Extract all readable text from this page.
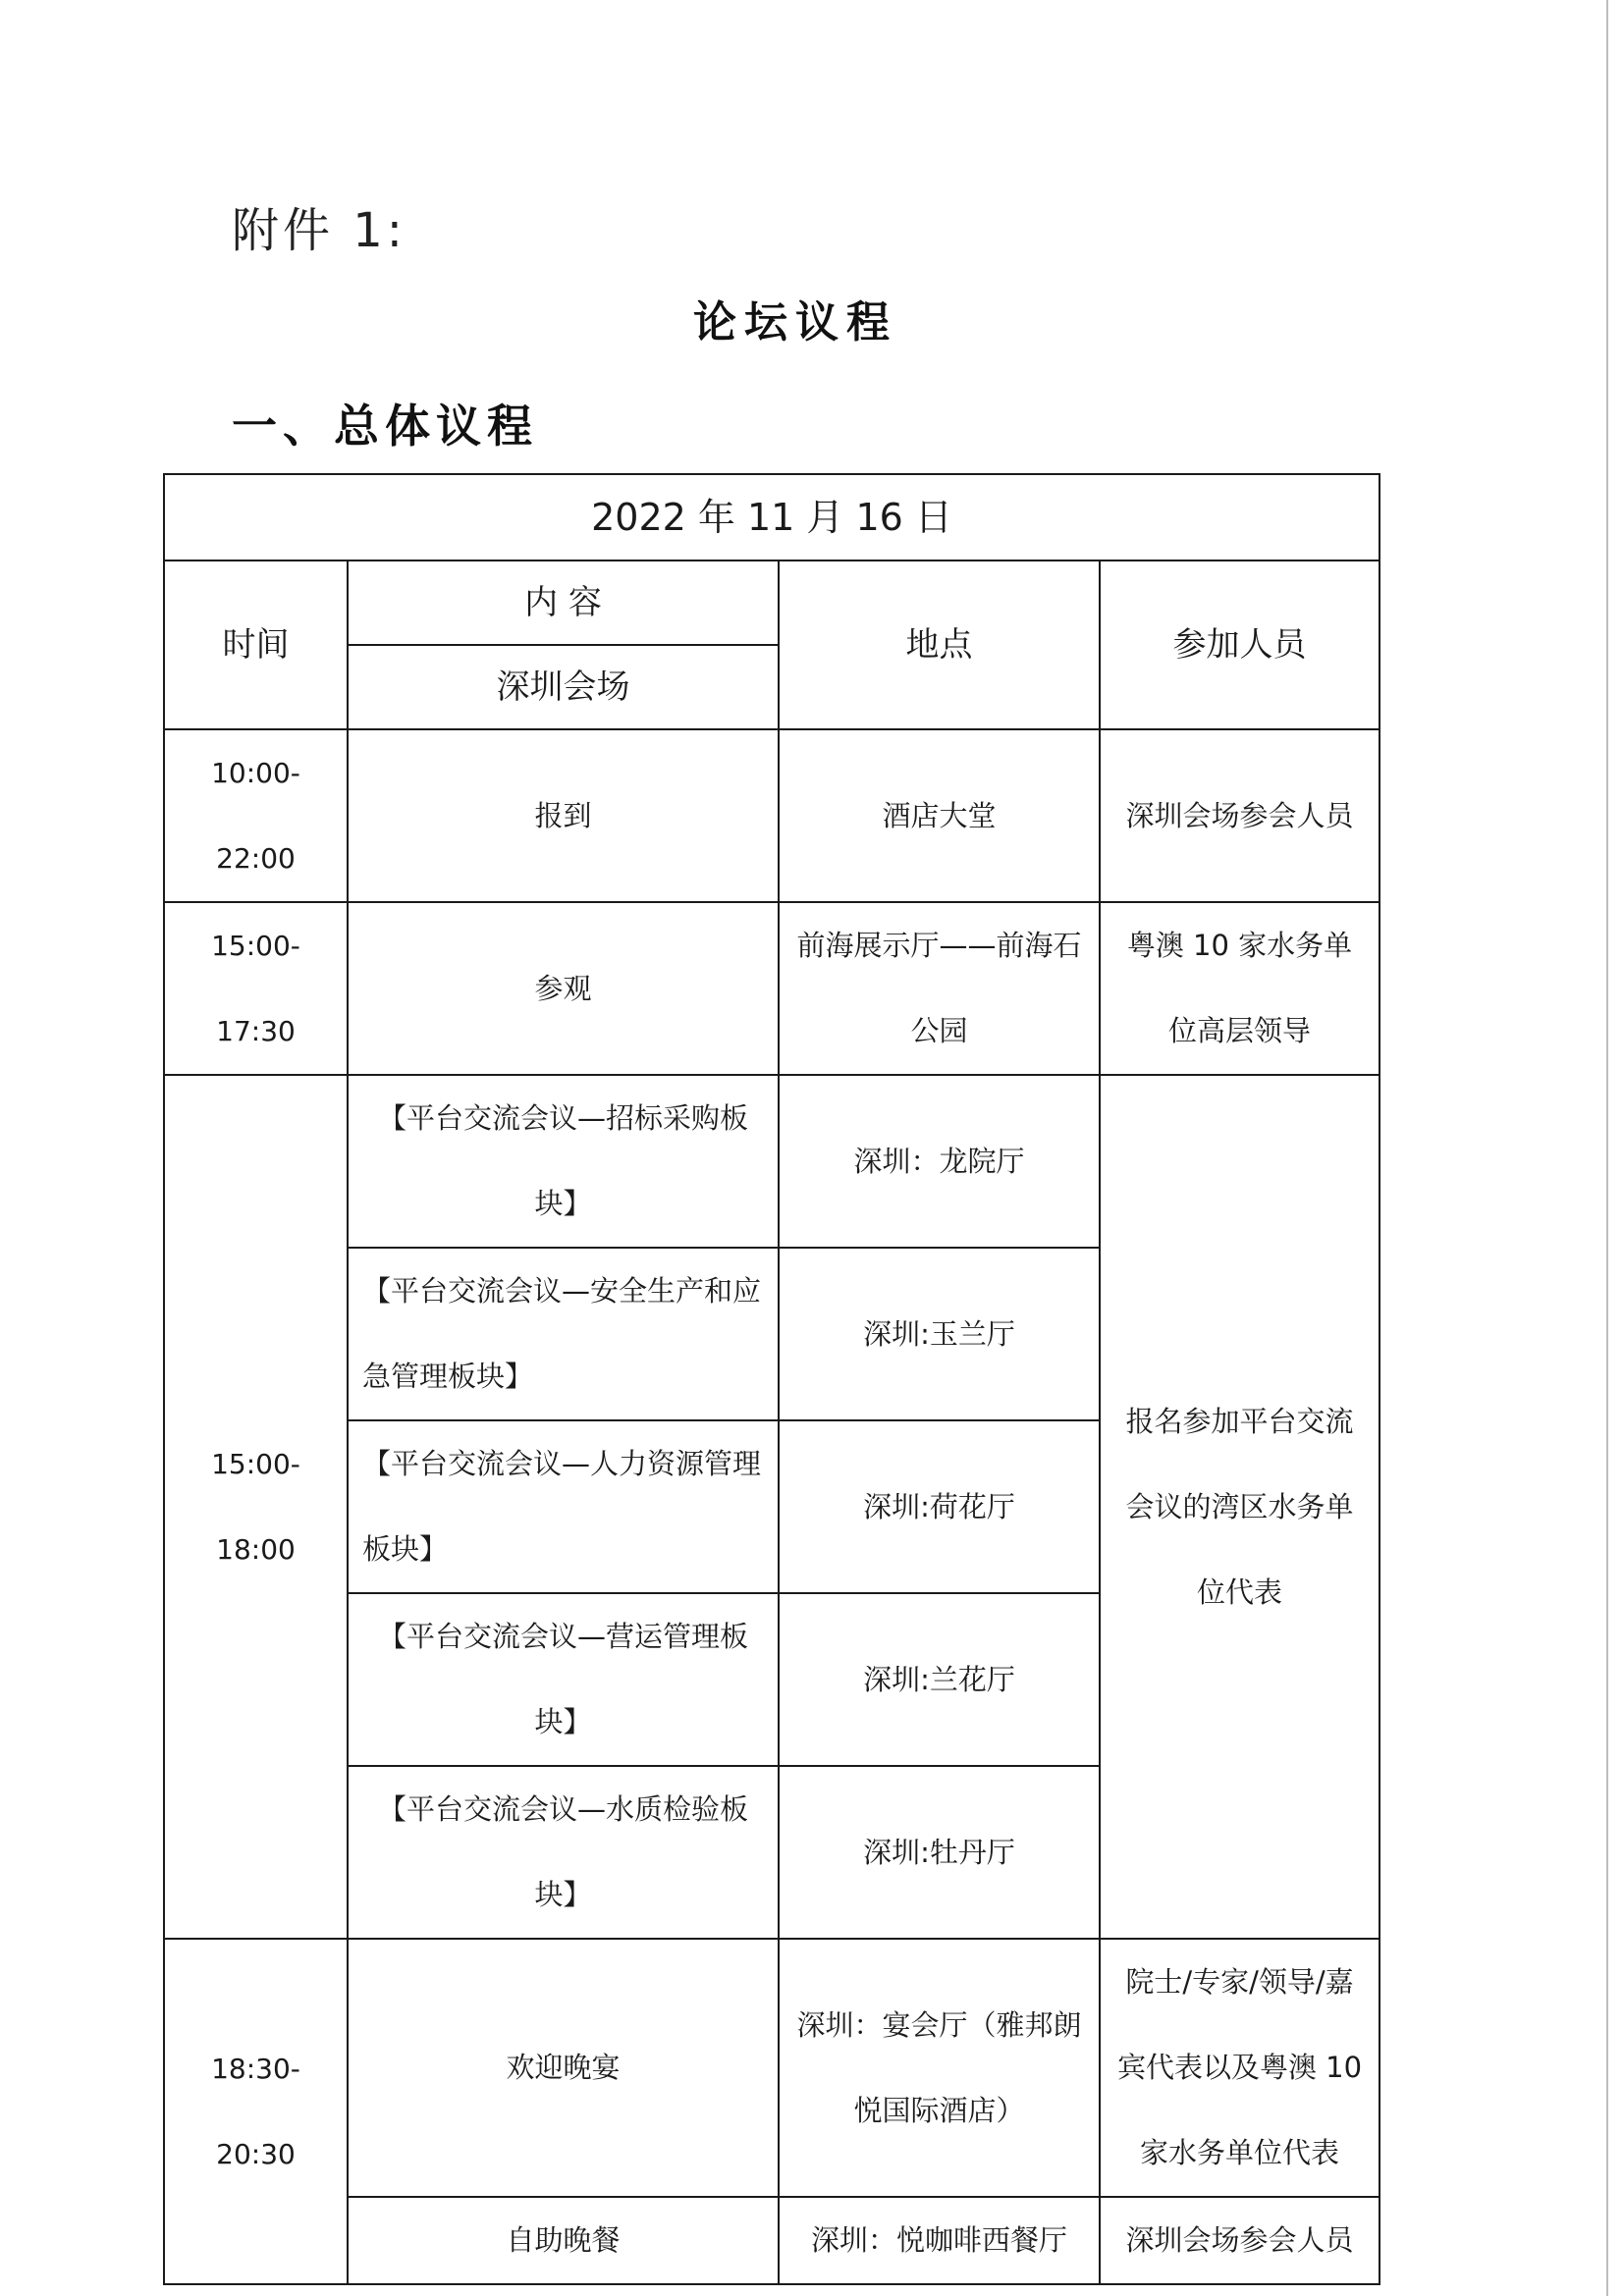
附件 1:
论坛议程
一、总体议程
2022 年 11 月 16 日			
时间	内 容	地点	参加人员
	深圳会场		
10:00-22:00	报到	酒店大堂	深圳会场参会人员
15:00-17:30	参观	前海展示厅——前海石公园	粤澳 10 家水务单位高层领导
15:00-18:00	【平台交流会议—招标采购板块】	深圳：龙院厅	报名参加平台交流会议的湾区水务单位代表
	【平台交流会议—安全生产和应急管理板块】	深圳:玉兰厅	
	【平台交流会议—人力资源管理板块】	深圳:荷花厅	
	【平台交流会议—营运管理板块】	深圳:兰花厅	
	【平台交流会议—水质检验板块】	深圳:牡丹厅	
18:30-20:30	欢迎晚宴	深圳：宴会厅（雅邦朗悦国际酒店）	院士/专家/领导/嘉宾代表以及粤澳 10 家水务单位代表
	自助晚餐	深圳：悦咖啡西餐厅	深圳会场参会人员
